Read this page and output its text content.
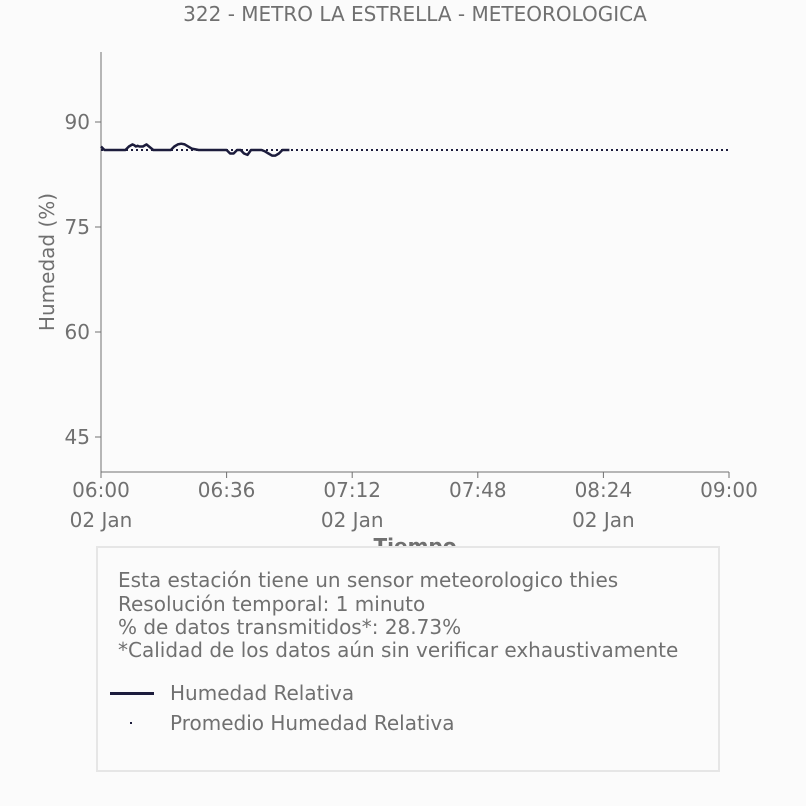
322 - METRO LA ESTRELLA - METEOROLOGICA
45
60
75
90
06:00
02 Jan
06:36	07:12
02 Jan
07:48	08:24
02 Jan
09:00
Humedad (%)
Esta estación tiene un sensor meteorologico thies
Resolución temporal: 1 minuto
% de datos transmitidos*: 28.73%
*Calidad de los datos aún sin verificar exhaustivamente
Humedad Relativa
Promedio Humedad Relativa
